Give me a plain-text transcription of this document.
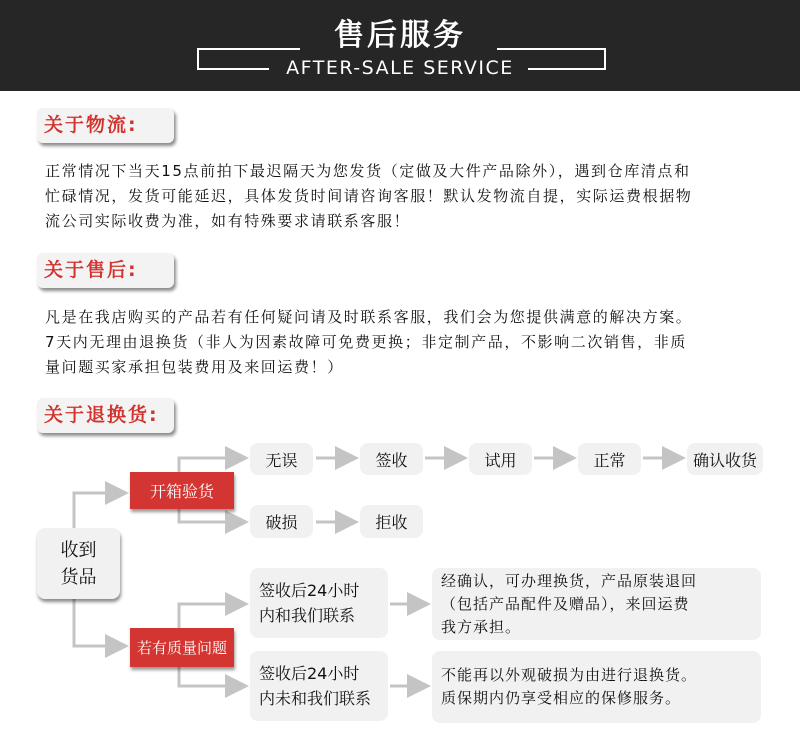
售后服务
AFTER-SALE SERVICE
关于物流:
正常情况下当天15点前拍下最迟隔天为您发货（定做及大件产品除外），遇到仓库清点和
忙碌情况，发货可能延迟，具体发货时间请咨询客服！默认发物流自提，实际运费根据物
流公司实际收费为准，如有特殊要求请联系客服！
关于售后:
凡是在我店购买的产品若有任何疑问请及时联系客服，我们会为您提供满意的解决方案。
7天内无理由退换货（非人为因素故障可免费更换；非定制产品，不影响二次销售，非质
量问题买家承担包装费用及来回运费！）
关于退换货:
收到
货品
开箱验货
若有质量问题
无误	签收	试用	正常	确认收货
破损	拒收
签收后24小时
内和我们联系
签收后24小时
内未和我们联系
经确认，可办理换货，产品原装退回
（包括产品配件及赠品），来回运费
我方承担。
不能再以外观破损为由进行退换货。
质保期内仍享受相应的保修服务。
